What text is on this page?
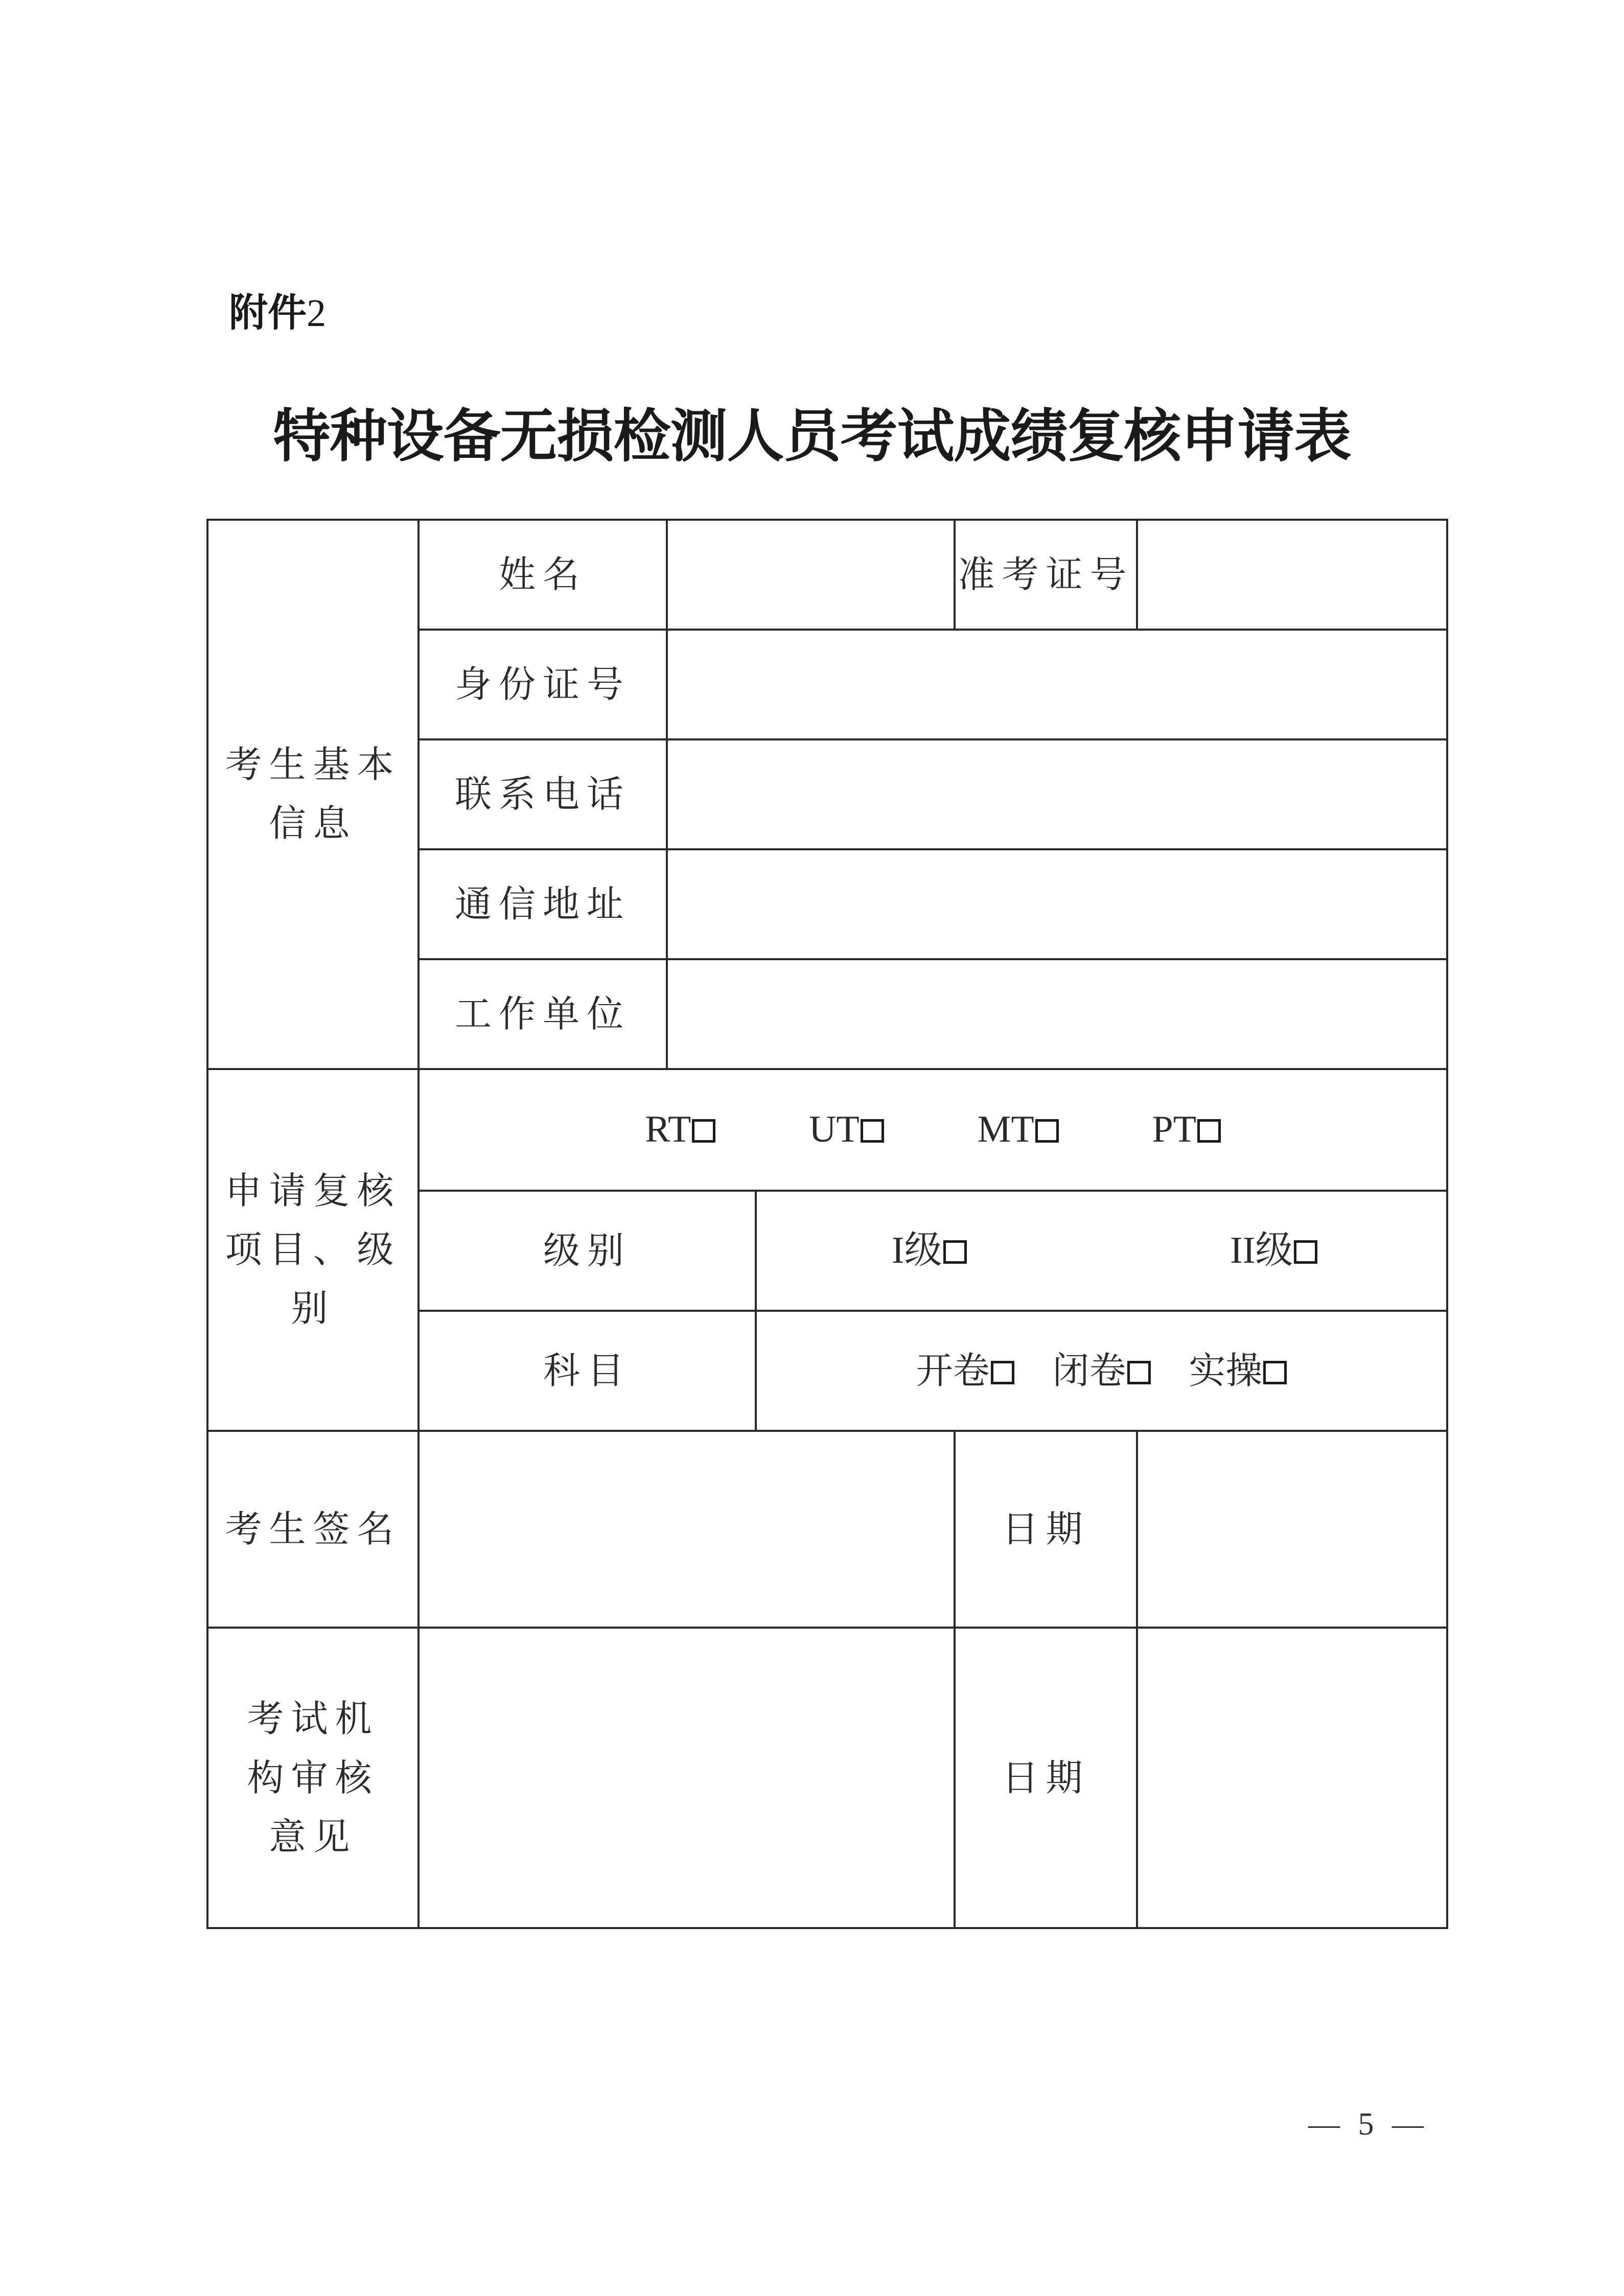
附件2
特种设备无损检测人员考试成绩复核申请表
考生基本信息	姓名			准考证号	
	身份证号				
	联系电话				
	通信地址				
	工作单位				
申请复核项目、级别	RT UT MT PT				
	级别		I级 II级		
	科目		开卷 闭卷 实操		
考生签名				日期	
考试机构审核意见				日期	
— 5 —
